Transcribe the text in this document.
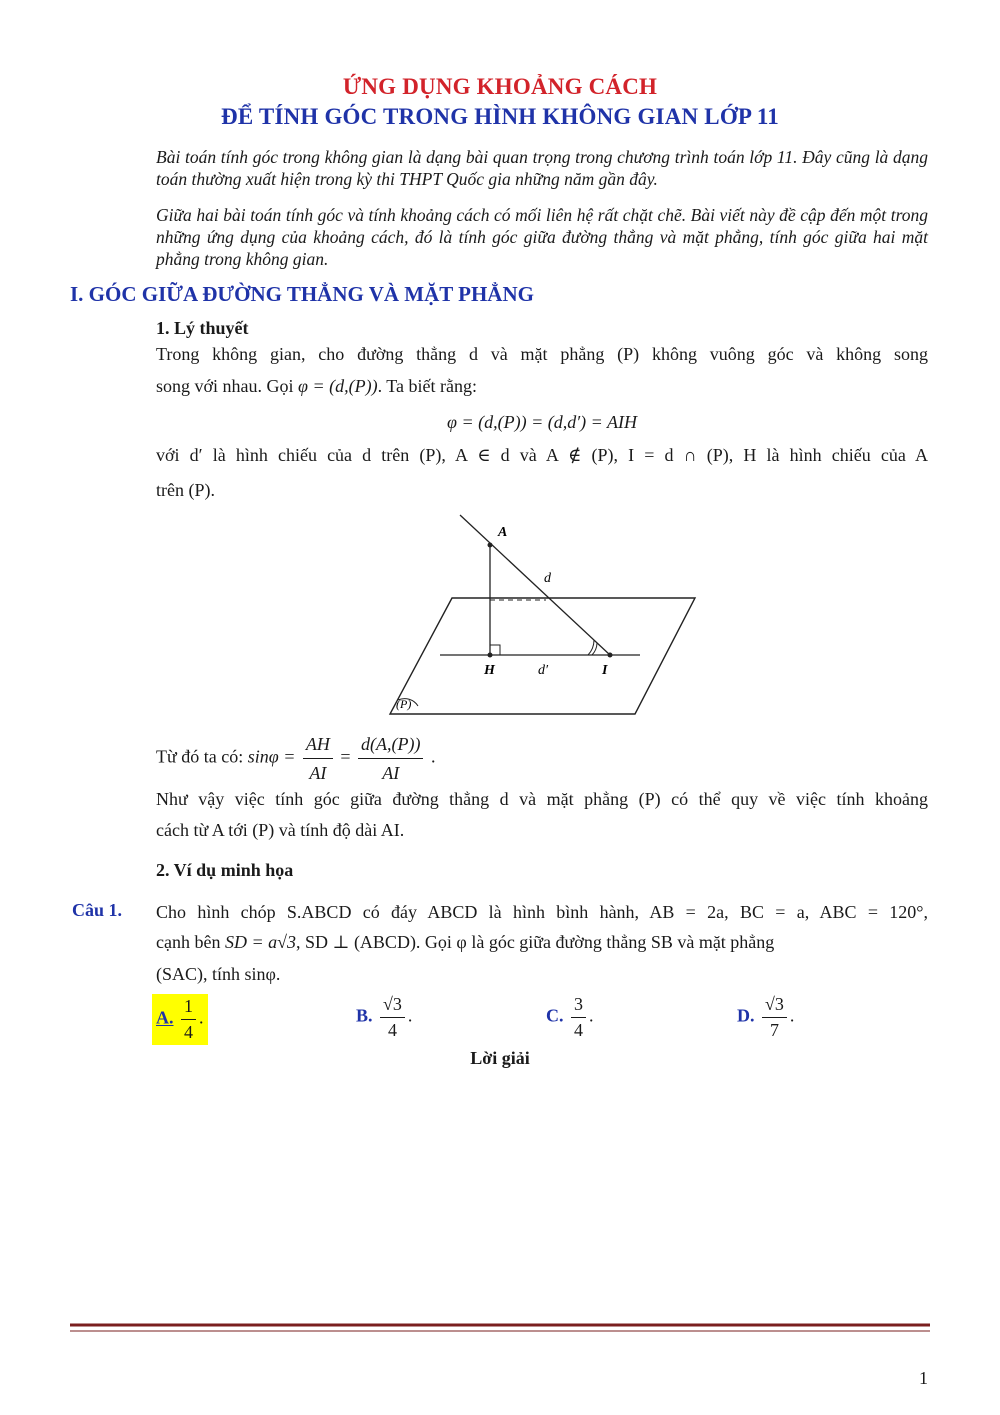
ỨNG DỤNG KHOẢNG CÁCH
ĐỂ TÍNH GÓC TRONG HÌNH KHÔNG GIAN LỚP 11
Bài toán tính góc trong không gian là dạng bài quan trọng trong chương trình toán lớp 11. Đây cũng là dạng toán thường xuất hiện trong kỳ thi THPT Quốc gia những năm gần đây.
Giữa hai bài toán tính góc và tính khoảng cách có mối liên hệ rất chặt chẽ. Bài viết này đề cập đến một trong những ứng dụng của khoảng cách, đó là tính góc giữa đường thẳng và mặt phẳng, tính góc giữa hai mặt phẳng trong không gian.
I. GÓC GIỮA ĐƯỜNG THẲNG VÀ MẶT PHẲNG
1. Lý thuyết
Trong không gian, cho đường thẳng d và mặt phẳng (P) không vuông góc và không song
song với nhau. Gọi φ = (d,(P)). Ta biết rằng:
φ = (d,(P)) = (d,d′) = AIH
với d′ là hình chiếu của d trên (P), A ∈ d và A ∉ (P), I = d ∩ (P), H là hình chiếu của A
trên (P).
A
d
H	d′	I
(P)
Từ đó ta có: $\sin\varphi = \frac{AH}{AI} = \frac{d(A,(P))}{AI}$ .
Như vậy việc tính góc giữa đường thẳng d và mặt phẳng (P) có thể quy về việc tính khoảng
cách từ A tới (P) và tính độ dài AI.
2. Ví dụ minh họa
Câu 1. Cho hình chóp S.ABCD có đáy ABCD là hình bình hành, AB = 2a, BC = a, ABC = 120°,
cạnh bên SD = a√3, SD ⊥ (ABCD). Gọi φ là góc giữa đường thẳng SB và mặt phẳng
(SAC), tính sinφ.
A. $\frac{1}{4}$ .	B. $\frac{√3}{4}$ .	C. $\frac{3}{4}$ .	D. $\frac{√3}{7}$ .
Lời giải
1
